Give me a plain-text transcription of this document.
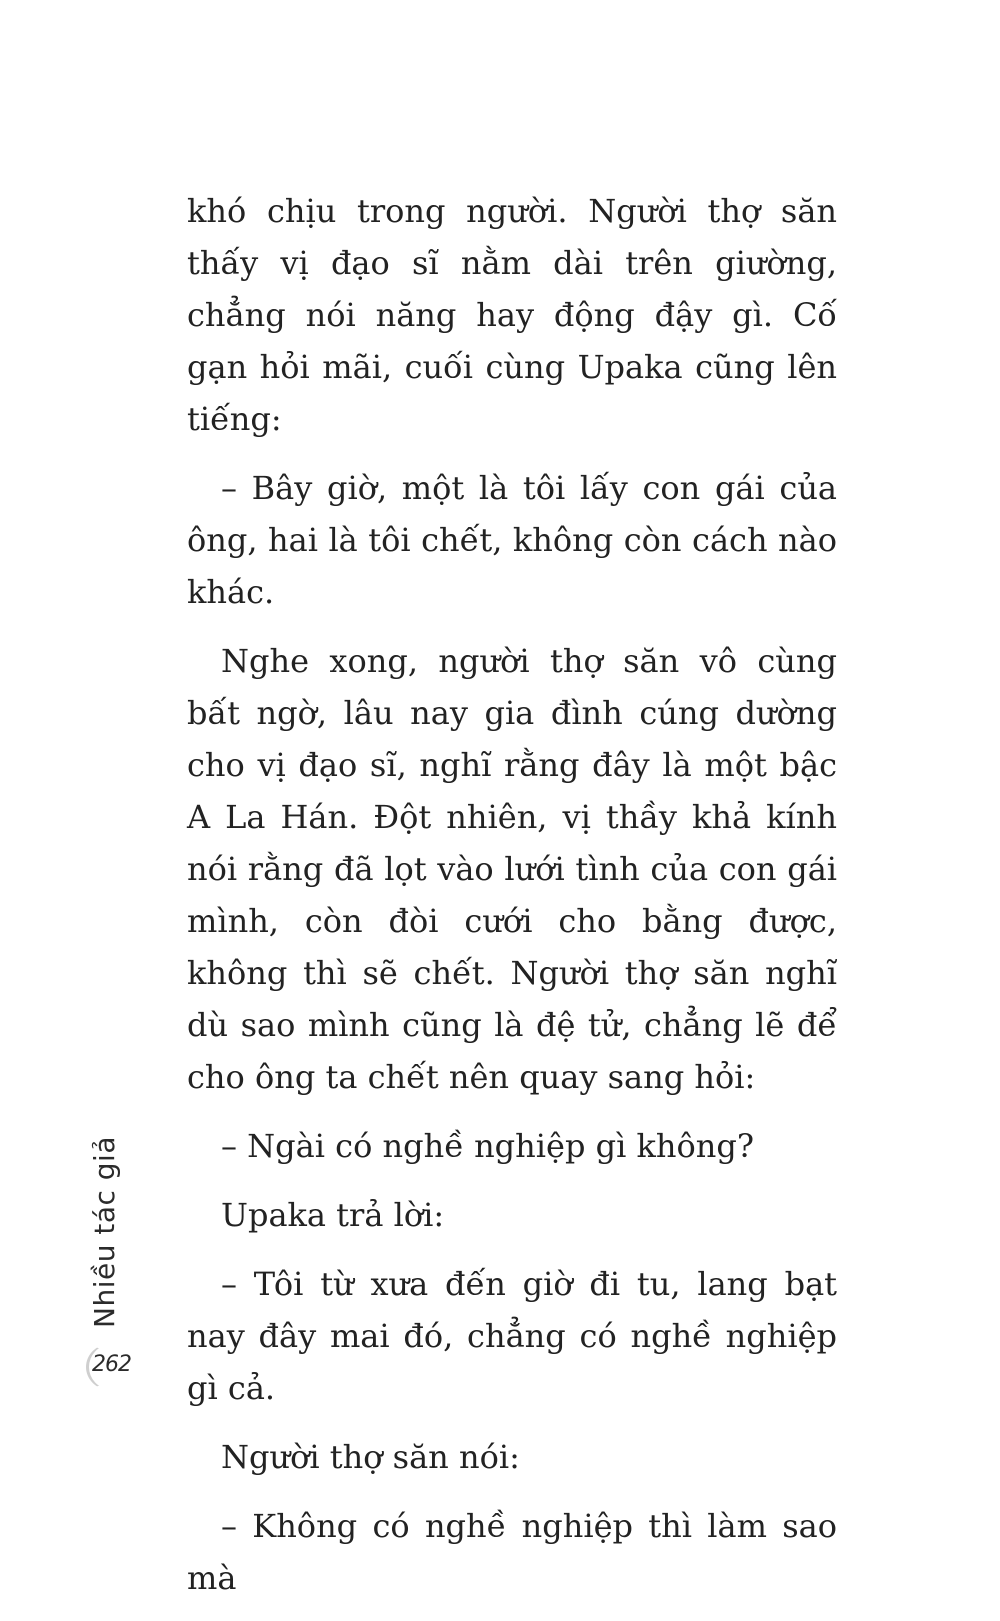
khó chịu trong người. Người thợ săn thấy vị đạo sĩ nằm dài trên giường, chẳng nói năng hay động đậy gì. Cố gạn hỏi mãi, cuối cùng Upaka cũng lên tiếng:

– Bây giờ, một là tôi lấy con gái của ông, hai là tôi chết, không còn cách nào khác.

Nghe xong, người thợ săn vô cùng bất ngờ, lâu nay gia đình cúng dường cho vị đạo sĩ, nghĩ rằng đây là một bậc A La Hán. Đột nhiên, vị thầy khả kính nói rằng đã lọt vào lưới tình của con gái mình, còn đòi cưới cho bằng được, không thì sẽ chết. Người thợ săn nghĩ dù sao mình cũng là đệ tử, chẳng lẽ để cho ông ta chết nên quay sang hỏi:

– Ngài có nghề nghiệp gì không?

Upaka trả lời:

– Tôi từ xưa đến giờ đi tu, lang bạt nay đây mai đó, chẳng có nghề nghiệp gì cả.

Người thợ săn nói:

– Không có nghề nghiệp thì làm sao mà

Nhiều tác giả
262
